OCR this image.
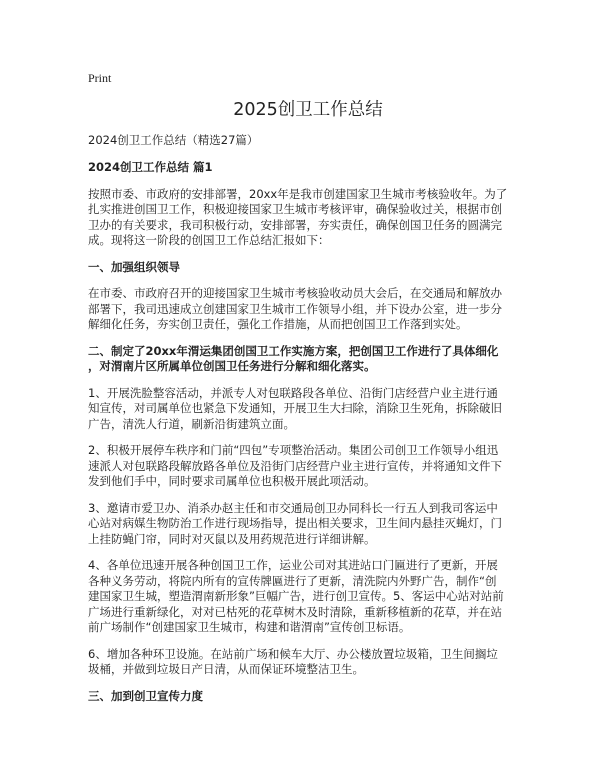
Print
2025创卫工作总结
2024创卫工作总结（精选27篇）
2024创卫工作总结 篇1
按照市委、市政府的安排部署，20xx年是我市创建国家卫生城市考核验收年。为了
扎实推进创国卫工作，积极迎接国家卫生城市考核评审，确保验收过关，根据市创
卫办的有关要求，我司积极行动，安排部署，夯实责任，确保创国卫任务的圆满完
成。现将这一阶段的创国卫工作总结汇报如下：
一、加强组织领导
在市委、市政府召开的迎接国家卫生城市考核验收动员大会后，在交通局和解放办
部署下，我司迅速成立创建国家卫生城市工作领导小组，并下设办公室，进一步分
解细化任务，夯实创卫责任，强化工作措施，从而把创国卫工作落到实处。
二、制定了20xx年渭运集团创国卫工作实施方案，把创国卫工作进行了具体细化
，对渭南片区所属单位创国卫任务进行分解和细化落实。
1、开展洗脸整容活动，并派专人对包联路段各单位、沿街门店经营户业主进行通
知宣传，对司属单位也紧急下发通知，开展卫生大扫除，消除卫生死角，拆除破旧
广告，清洗人行道，刷新沿街建筑立面。
2、积极开展停车秩序和门前“四包”专项整治活动。集团公司创卫工作领导小组迅
速派人对包联路段解放路各单位及沿街门店经营户业主进行宣传，并将通知文件下
发到他们手中，同时要求司属单位也积极开展此项活动。
3、邀请市爱卫办、消杀办赵主任和市交通局创卫办同科长一行五人到我司客运中
心站对病媒生物防治工作进行现场指导，提出相关要求，卫生间内悬挂灭蝇灯，门
上挂防蝇门帘，同时对灭鼠以及用药规范进行详细讲解。
4、各单位迅速开展各种创国卫工作，运业公司对其进站口门匾进行了更新，开展
各种义务劳动，将院内所有的宣传牌匾进行了更新，清洗院内外野广告，制作“创
建国家卫生城，塑造渭南新形象”巨幅广告，进行创卫宣传。5、客运中心站对站前
广场进行重新绿化，对对已枯死的花草树木及时清除，重新移植新的花草，并在站
前广场制作“创建国家卫生城市，构建和谐渭南”宣传创卫标语。
6、增加各种环卫设施。在站前广场和候车大厅、办公楼放置垃圾箱，卫生间搁垃
圾桶，并做到垃圾日产日清，从而保证环境整洁卫生。
三、加到创卫宣传力度
